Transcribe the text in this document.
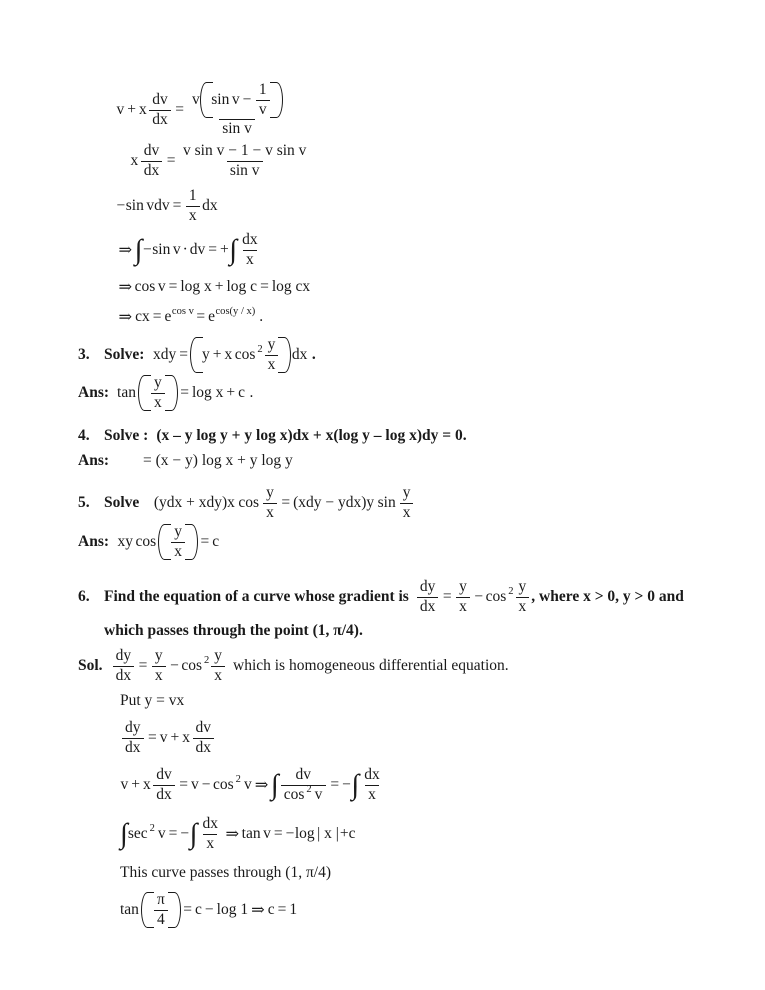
v + x $\frac{dv}{dx}$ =
v $\sin v - \frac{1}{v}$
sin v
x $\frac{dv}{dx} = \frac{\text{v sin v − 1 − v sin v}}{\text{sin v}}$
− sin vdv = $\frac{1}{x}$ dx
⇒ ∫ − sin v · dv = + ∫ $\frac{dx}{x}$
⇒ cos v = log x + log c = log cx
⇒ cx = e cos v = e cos(y / x) .
3. Solve: xdy = y + x $\cos 2 \frac{y}{x}$ dx .
Ans: $\tan \frac{y}{x} = \log x + c$ .
4. Solve : (x – y log y + y log x)dx + x(log y – log x)dy = 0.
Ans:	= (x − y) log x + y log y
5. Solve (ydx + xdy)x $\cos \frac{y}{x} = (xdy - ydx)y$ $\sin \frac{y}{x}$
Ans: xy $\cos \frac{y}{x} = c$
6. Find the equation of a curve whose gradient is $\frac{dy}{dx} = \frac{y}{x} - \cos 2 \frac{y}{x}$ , where x > 0, y > 0 and
which passes through the point (1, π/4).
Sol. $\frac{dy}{dx} = \frac{y}{x} - \cos 2 \frac{y}{x}$ which is homogeneous differential equation.
Put y = vx
$\frac{dy}{dx} = v + x \frac{dv}{dx}$
v + x $\frac{dv}{dx} = v - \cos 2$ v ⇒ ∫ $\frac{dv}{\cos 2 v}$ = − ∫ $\frac{dx}{x}$
∫ sec 2 v = − ∫ $\frac{dx}{x}$ ⇒ tan v = − log | x | +c
This curve passes through (1, π/4)
$\tan \frac{\pi}{4} = c - \log 1$ ⇒ c = 1
